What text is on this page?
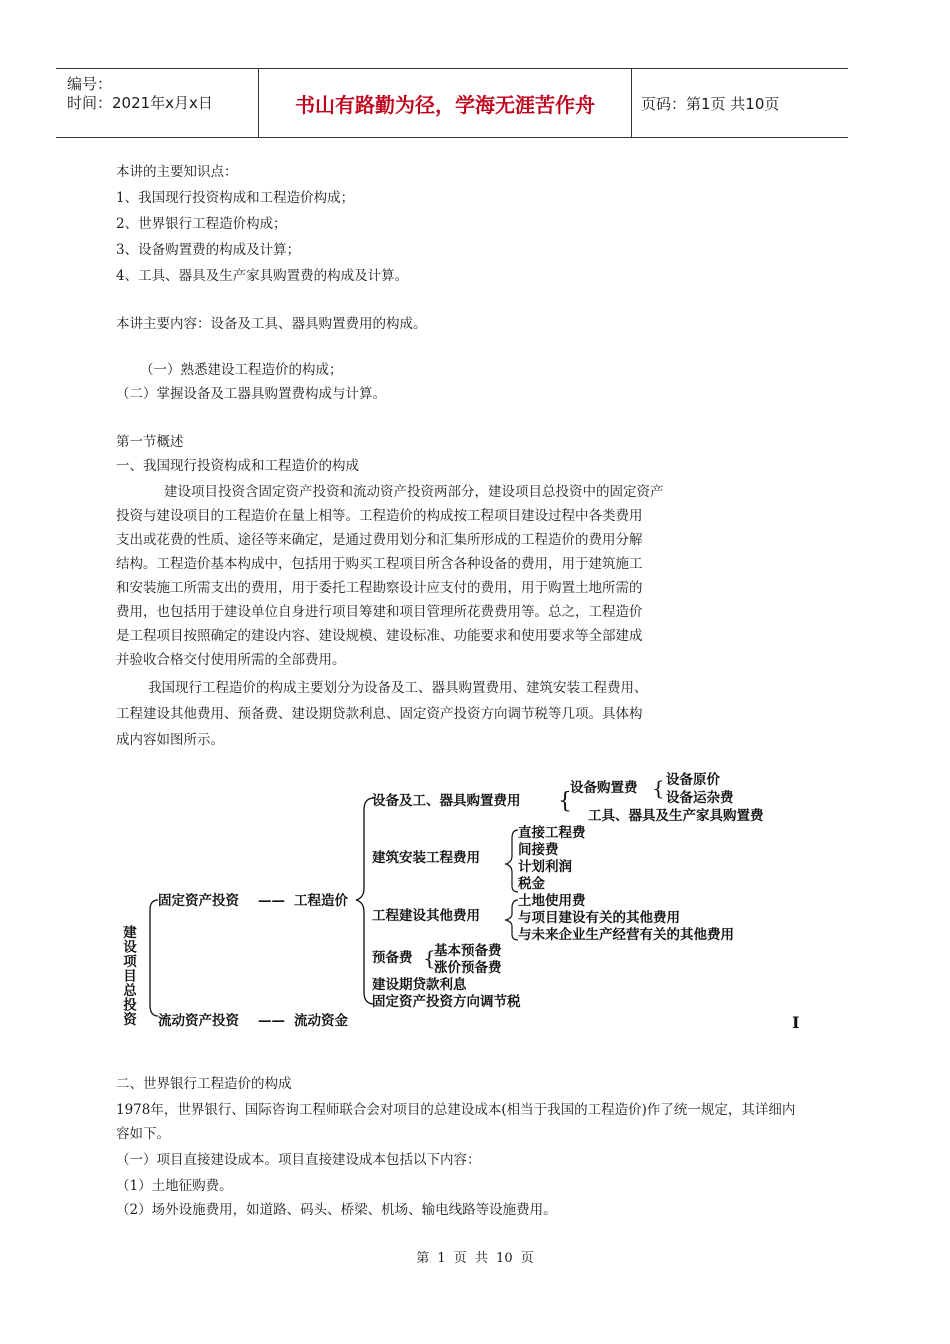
编号：
时间：2021年x月x日	书山有路勤为径，学海无涯苦作舟	页码：第1页 共10页
本讲的主要知识点：
1、我国现行投资构成和工程造价构成；
2、世界银行工程造价构成；
3、设备购置费的构成及计算；
4、工具、器具及生产家具购置费的构成及计算。
本讲主要内容：设备及工具、器具购置费用的构成。
（一）熟悉建设工程造价的构成；
（二）掌握设备及工器具购置费构成与计算。
第一节概述
一、我国现行投资构成和工程造价的构成
建设项目投资含固定资产投资和流动资产投资两部分，建设项目总投资中的固定资产
投资与建设项目的工程造价在量上相等。工程造价的构成按工程项目建设过程中各类费用
支出或花费的性质、途径等来确定，是通过费用划分和汇集所形成的工程造价的费用分解
结构。工程造价基本构成中，包括用于购买工程项目所含各种设备的费用，用于建筑施工
和安装施工所需支出的费用，用于委托工程勘察设计应支付的费用，用于购置土地所需的
费用，也包括用于建设单位自身进行项目筹建和项目管理所花费费用等。总之，工程造价
是工程项目按照确定的建设内容、建设规模、建设标准、功能要求和使用要求等全部建成
并验收合格交付使用所需的全部费用。
我国现行工程造价的构成主要划分为设备及工、器具购置费用、建筑安装工程费用、
工程建设其他费用、预备费、建设期贷款利息、固定资产投资方向调节税等几项。具体构
成内容如图所示。
二、世界银行工程造价的构成
1978年，世界银行、国际咨询工程师联合会对项目的总建设成本(相当于我国的工程造价)作了统一规定，其详细内
容如下。
（一）项目直接建设成本。项目直接建设成本包括以下内容：
（1）土地征购费。
（2）场外设施费用，如道路、码头、桥梁、机场、输电线路等设施费用。
建设项目总投资
固定资产投资 —— 工程造价
流动资产投资 —— 流动资金
设备及工、器具购置费用 {
设备购置费 { 设备原价
设备运杂费
工具、器具及生产家具购置费
建筑安装工程费用
直接工程费
间接费
计划利润
税金
工程建设其他费用
土地使用费
与项目建设有关的其他费用
与未来企业生产经营有关的其他费用
预备费 {
基本预备费
涨价预备费
建设期贷款利息
固定资产投资方向调节税
I
第 1 页 共 10 页
